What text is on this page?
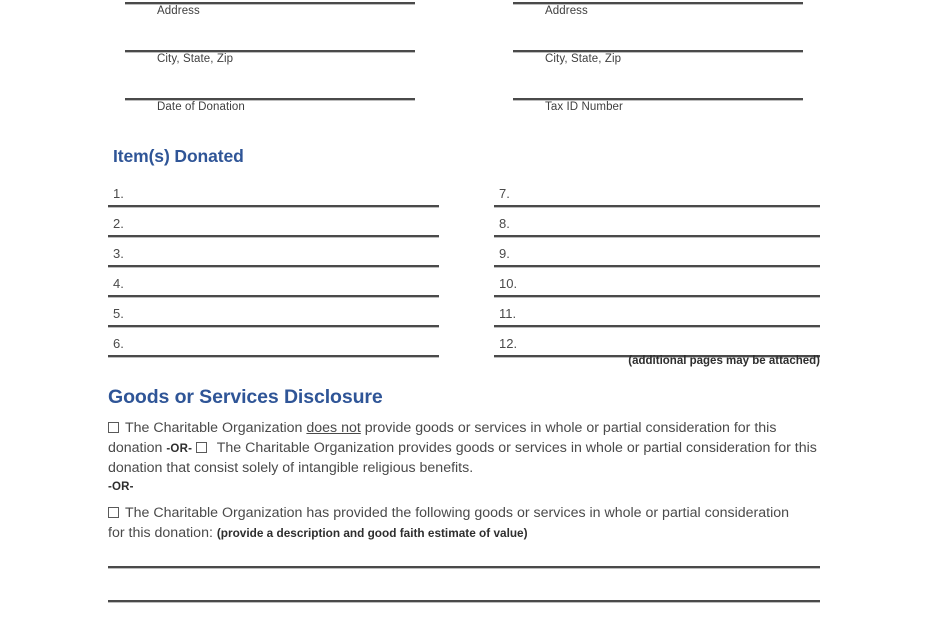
Address
City, State, Zip
Date of Donation
Address
City, State, Zip
Tax ID Number
Item(s) Donated
1.
2.
3.
4.
5.
6.
7.
8.
9.
10.
11.
12.
(additional pages may be attached)
Goods or Services Disclosure
The Charitable Organization does not provide goods or services in whole or partial consideration for this donation -OR-  The Charitable Organization provides goods or services in whole or partial consideration for this donation that consist solely of intangible religious benefits.
-OR-
The Charitable Organization has provided the following goods or services in whole or partial consideration for this donation: (provide a description and good faith estimate of value)
